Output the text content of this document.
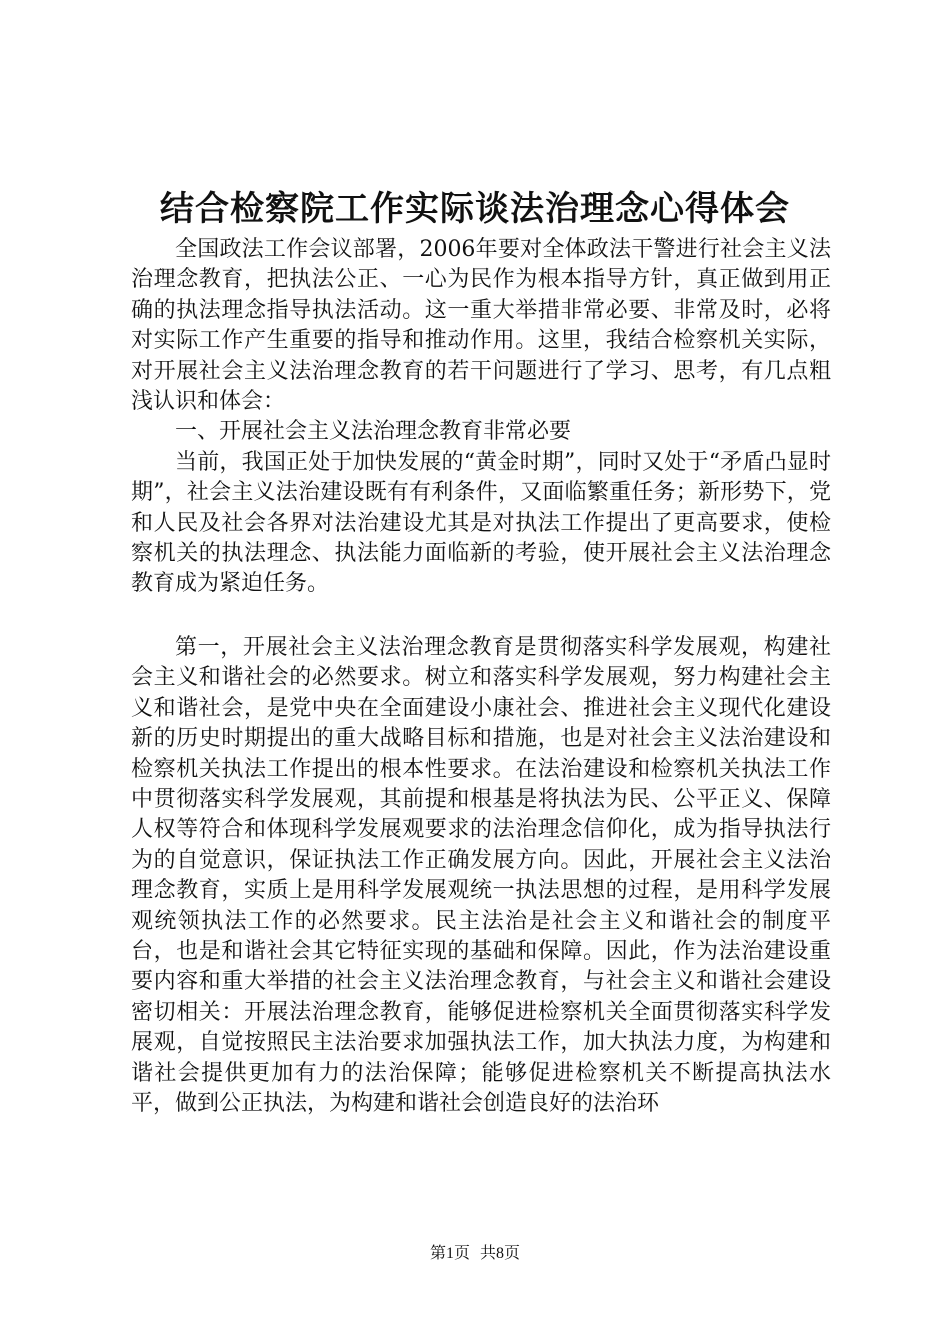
结合检察院工作实际谈法治理念心得体会

全国政法工作会议部署，2006年要对全体政法干警进行社会主义法治理念教育，把执法公正、一心为民作为根本指导方针，真正做到用正确的执法理念指导执法活动。这一重大举措非常必要、非常及时，必将对实际工作产生重要的指导和推动作用。这里，我结合检察机关实际，对开展社会主义法治理念教育的若干问题进行了学习、思考，有几点粗浅认识和体会：

一、开展社会主义法治理念教育非常必要

当前，我国正处于加快发展的“黄金时期”，同时又处于“矛盾凸显时期”，社会主义法治建设既有有利条件，又面临繁重任务；新形势下，党和人民及社会各界对法治建设尤其是对执法工作提出了更高要求，使检察机关的执法理念、执法能力面临新的考验，使开展社会主义法治理念教育成为紧迫任务。

第一，开展社会主义法治理念教育是贯彻落实科学发展观，构建社会主义和谐社会的必然要求。树立和落实科学发展观，努力构建社会主义和谐社会，是党中央在全面建设小康社会、推进社会主义现代化建设新的历史时期提出的重大战略目标和措施，也是对社会主义法治建设和检察机关执法工作提出的根本性要求。在法治建设和检察机关执法工作中贯彻落实科学发展观，其前提和根基是将执法为民、公平正义、保障人权等符合和体现科学发展观要求的法治理念信仰化，成为指导执法行为的自觉意识，保证执法工作正确发展方向。因此，开展社会主义法治理念教育，实质上是用科学发展观统一执法思想的过程，是用科学发展观统领执法工作的必然要求。民主法治是社会主义和谐社会的制度平台，也是和谐社会其它特征实现的基础和保障。因此，作为法治建设重要内容和重大举措的社会主义法治理念教育，与社会主义和谐社会建设密切相关：开展法治理念教育，能够促进检察机关全面贯彻落实科学发展观，自觉按照民主法治要求加强执法工作，加大执法力度，为构建和谐社会提供更加有力的法治保障；能够促进检察机关不断提高执法水平，做到公正执法，为构建和谐社会创造良好的法治环

第1页 共8页
